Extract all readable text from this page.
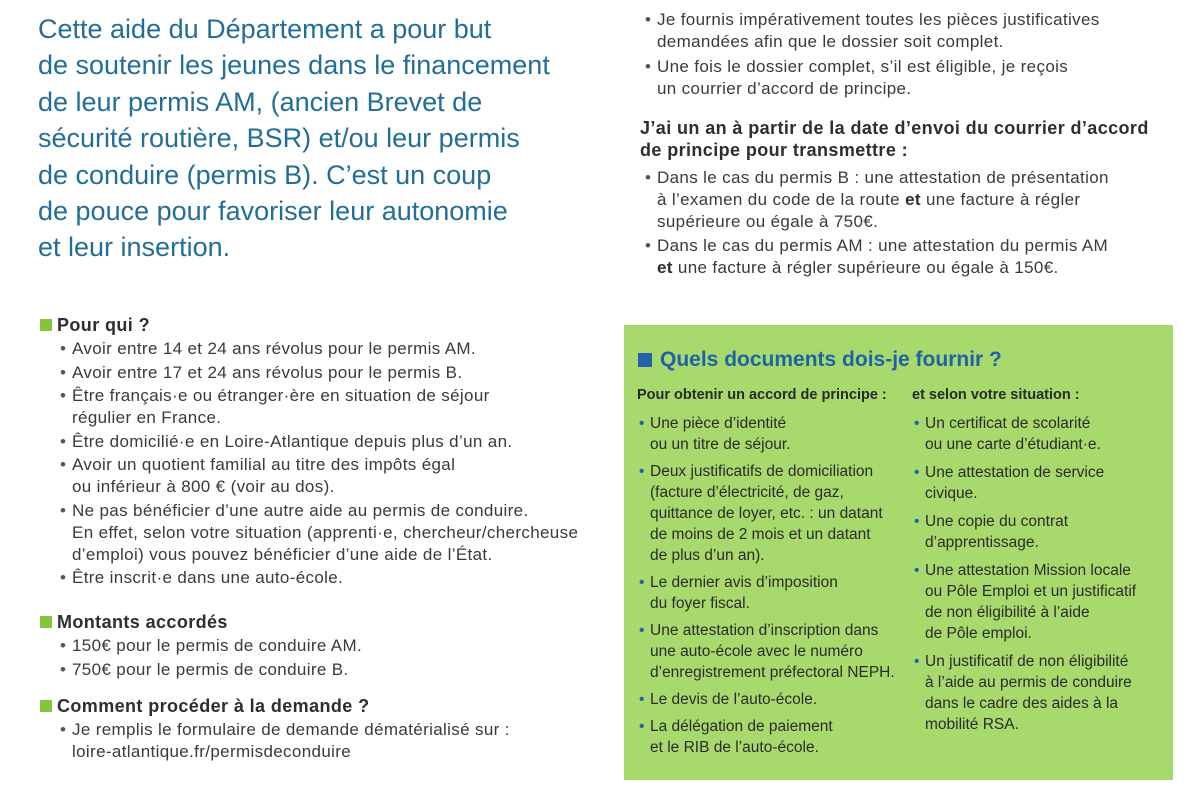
Cette aide du Département a pour but
de soutenir les jeunes dans le financement
de leur permis AM, (ancien Brevet de
sécurité routière, BSR) et/ou leur permis
de conduire (permis B). C’est un coup
de pouce pour favoriser leur autonomie
et leur insertion.

Pour qui ?
• Avoir entre 14 et 24 ans révolus pour le permis AM.
• Avoir entre 17 et 24 ans révolus pour le permis B.
• Être français·e ou étranger·ère en situation de séjour
régulier en France.
• Être domicilié·e en Loire-Atlantique depuis plus d’un an.
• Avoir un quotient familial au titre des impôts égal
ou inférieur à 800 € (voir au dos).
• Ne pas bénéficier d’une autre aide au permis de conduire.
En effet, selon votre situation (apprenti·e, chercheur/chercheuse
d’emploi) vous pouvez bénéficier d’une aide de l’État.
• Être inscrit·e dans une auto-école.
Montants accordés
• 150€ pour le permis de conduire AM.
• 750€ pour le permis de conduire B.
Comment procéder à la demande ?
• Je remplis le formulaire de demande dématérialisé sur :
loire-atlantique.fr/permisdeconduire
• Je fournis impérativement toutes les pièces justificatives
demandées afin que le dossier soit complet.
• Une fois le dossier complet, s’il est éligible, je reçois
un courrier d’accord de principe.

J’ai un an à partir de la date d’envoi du courrier d’accord
de principe pour transmettre :

• Dans le cas du permis B : une attestation de présentation
à l’examen du code de la route et une facture à régler
supérieure ou égale à 750€.
• Dans le cas du permis AM : une attestation du permis AM
et une facture à régler supérieure ou égale à 150€.
Quels documents dois-je fournir ?

Pour obtenir un accord de principe :

• Une pièce d’identité
ou un titre de séjour.
• Deux justificatifs de domiciliation
(facture d’électricité, de gaz,
quittance de loyer, etc. : un datant
de moins de 2 mois et un datant
de plus d’un an).
• Le dernier avis d’imposition
du foyer fiscal.
• Une attestation d’inscription dans
une auto-école avec le numéro
d’enregistrement préfectoral NEPH.
• Le devis de l’auto-école.
• La délégation de paiement
et le RIB de l’auto-école.

et selon votre situation :

• Un certificat de scolarité
ou une carte d’étudiant·e.
• Une attestation de service
civique.
• Une copie du contrat
d’apprentissage.
• Une attestation Mission locale
ou Pôle Emploi et un justificatif
de non éligibilité à l’aide
de Pôle emploi.
• Un justificatif de non éligibilité
à l’aide au permis de conduire
dans le cadre des aides à la
mobilité RSA.
